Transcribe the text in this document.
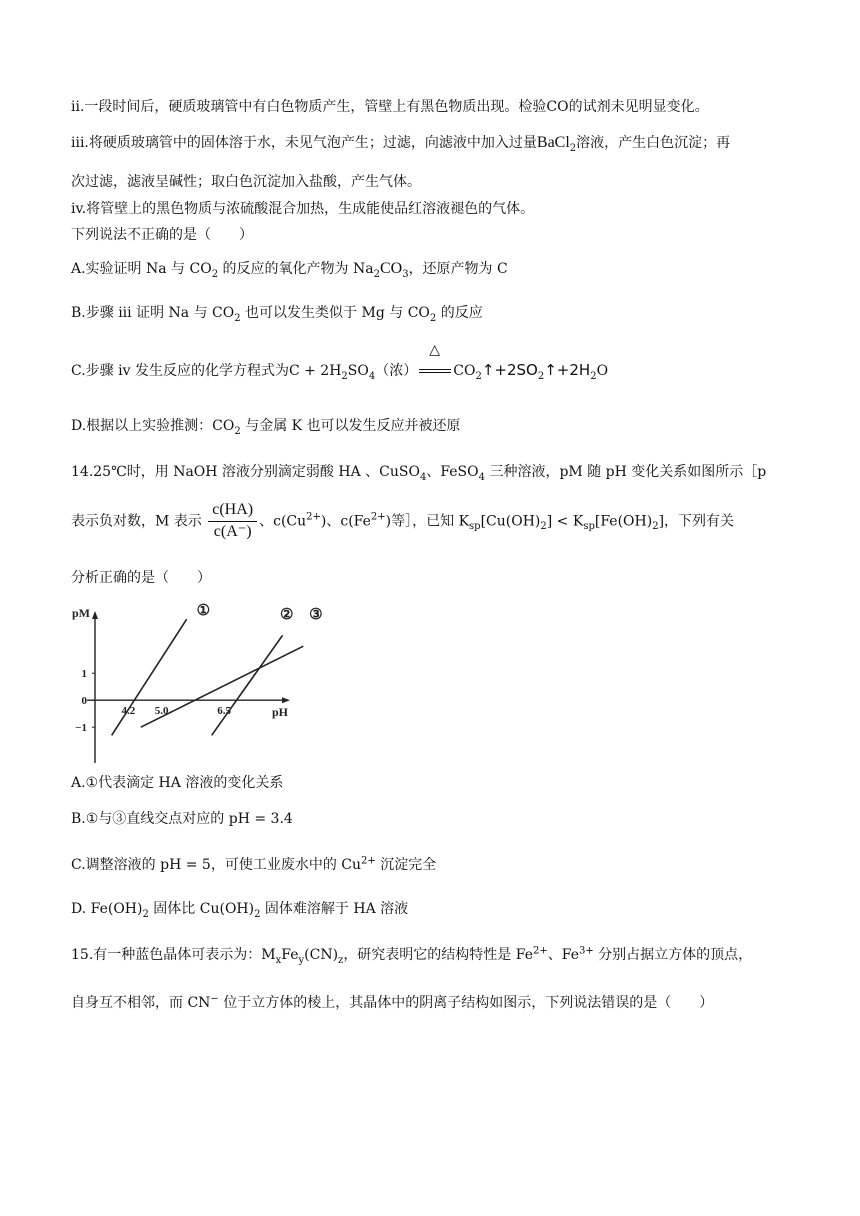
ii.一段时间后，硬质玻璃管中有白色物质产生，管壁上有黑色物质出现。检验CO的试剂未见明显变化。
iii.将硬质玻璃管中的固体溶于水，未见气泡产生；过滤，向滤液中加入过量BaCl$_2$溶液，产生白色沉淀；再
次过滤，滤液呈碱性；取白色沉淀加入盐酸，产生气体。
iv.将管壁上的黑色物质与浓硫酸混合加热，生成能使品红溶液褪色的气体。
下列说法不正确的是（　　）
A.实验证明 Na 与 $CO_2$ 的反应的氧化产物为 $Na_2CO_3$，还原产物为 C
B.步骤 iii 证明 Na 与 $CO_2$ 也可以发生类似于 Mg 与 $CO_2$ 的反应
C.步骤 iv 发生反应的化学方程式为$C + 2H_2SO_4$（浓）
△
$CO_2↑+2SO_2↑+2H_2O$
D.根据以上实验推测：$CO_2$ 与金属 K 也可以发生反应并被还原
14.25℃时，用 NaOH 溶液分别滴定弱酸 HA 、CuSO$_4$、FeSO$_4$ 三种溶液，pM 随 pH 变化关系如图所示［p
表示负对数，M 表示 $\frac{c(HA)}{c(A^-)}$ 、$c(Cu^{2+})$、$c(Fe^{2+})$等］，已知 $K_{sp}[Cu(OH)_2] < K_{sp}[Fe(OH)_2]$，下列有关
分析正确的是（　　）
pM
pH
1
0
−1
4.2 5.0	6.5
①	② ③
A.①代表滴定 HA 溶液的变化关系
B.①与③直线交点对应的 pH = 3.4
C.调整溶液的 pH = 5，可使工业废水中的 $Cu^{2+}$ 沉淀完全
D. $Fe(OH)_2$ 固体比 $Cu(OH)_2$ 固体难溶解于 HA 溶液
15.有一种蓝色晶体可表示为：$M_xFe_y(CN)_z$，研究表明它的结构特性是 $Fe^{2+}$、$Fe^{3+}$ 分别占据立方体的顶点，
自身互不相邻，而 CN− 位于立方体的棱上，其晶体中的阴离子结构如图示，下列说法错误的是（　　）
